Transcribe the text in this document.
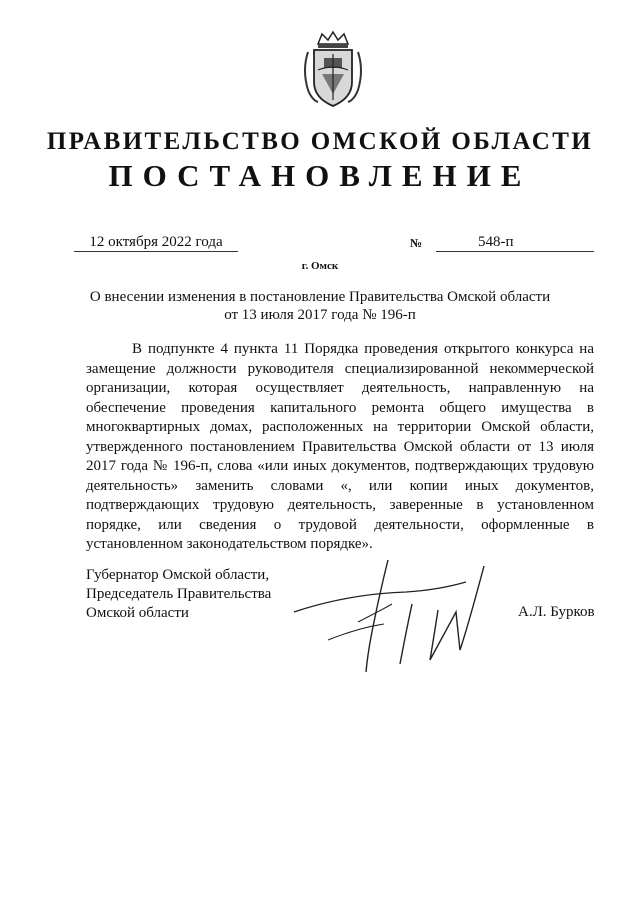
ПРАВИТЕЛЬСТВО ОМСКОЙ ОБЛАСТИ
ПОСТАНОВЛЕНИЕ
12 октября 2022 года	№	548-п
г. Омск
О внесении изменения в постановление Правительства Омской области
от 13 июля 2017 года № 196-п

В подпункте 4 пункта 11 Порядка проведения открытого конкурса на замещение должности руководителя специализированной некоммерческой организации, которая осуществляет деятельность, направленную на обеспечение проведения капитального ремонта общего имущества в многоквартирных домах, расположенных на территории Омской области, утвержденного постановлением Правительства Омской области от 13 июля 2017 года № 196-п, слова «или иных документов, подтверждающих трудовую деятельность» заменить словами «, или копии иных документов, подтверждающих трудовую деятельность, заверенные в установленном порядке, или сведения о трудовой деятельности, оформленные в установленном законодательством порядке».

Губернатор Омской области,
Председатель Правительства
Омской области	А.Л. Бурков
